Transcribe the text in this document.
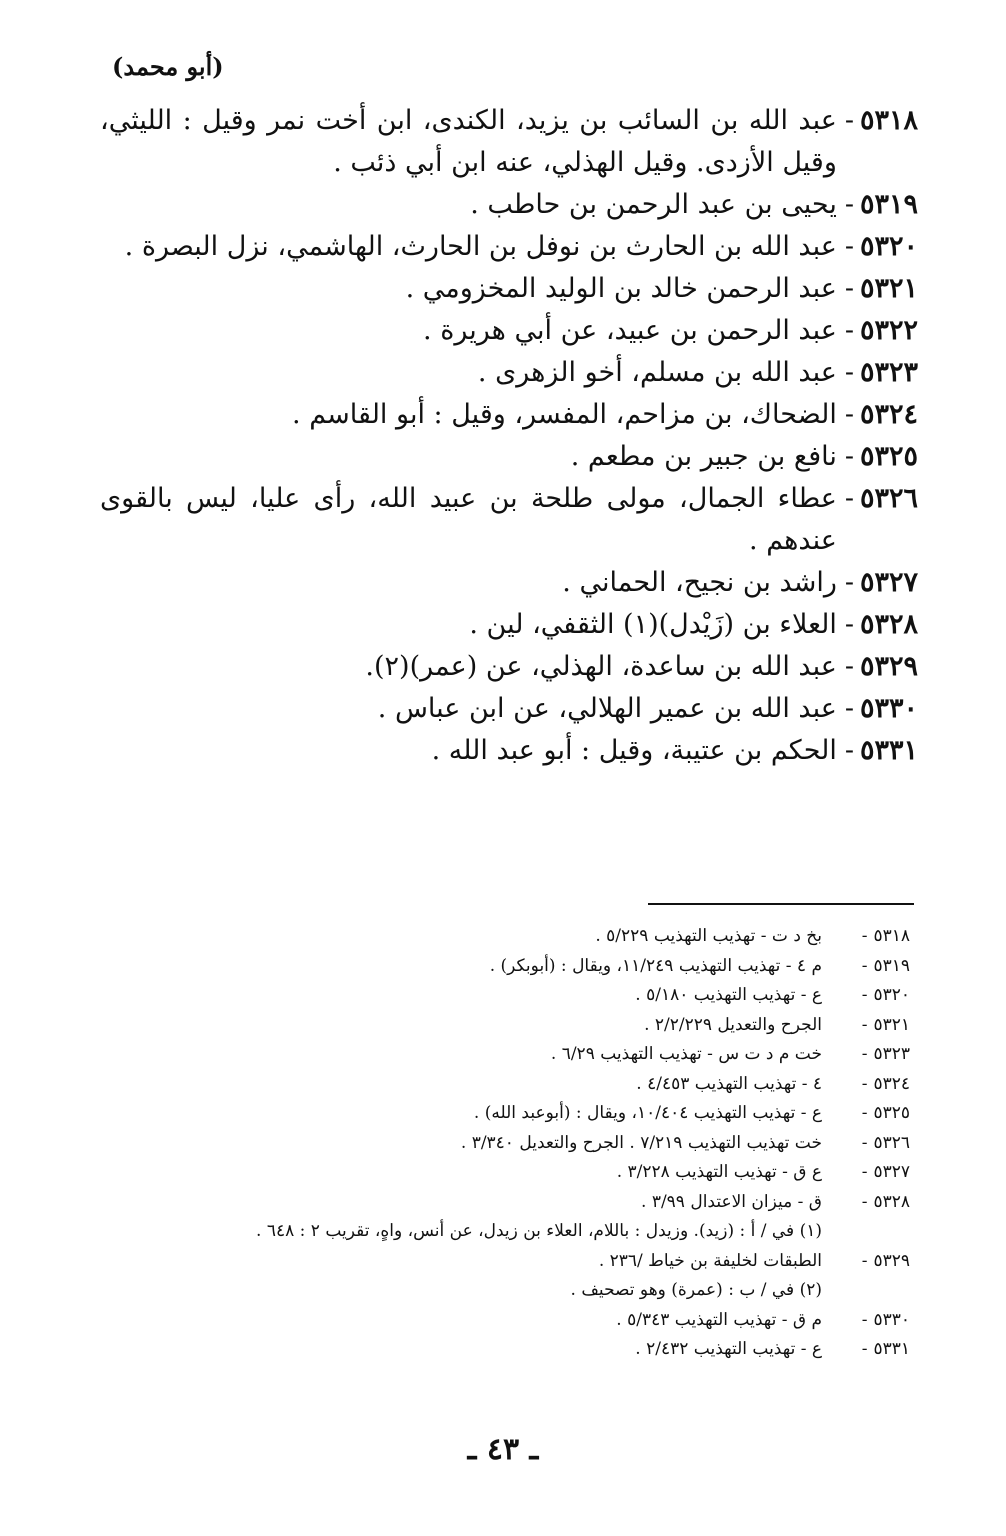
(أبو محمد)
٥٣١٨-
عبد الله بن السائب بن يزيد، الكندى، ابن أخت نمر وقيل : الليثي، وقيل الأزدى. وقيل الهذلي، عنه ابن أبي ذئب .
٥٣١٩-
يحيى بن عبد الرحمن بن حاطب .
٥٣٢٠-
عبد الله بن الحارث بن نوفل بن الحارث، الهاشمي، نزل البصرة .
٥٣٢١-
عبد الرحمن خالد بن الوليد المخزومي .
٥٣٢٢-
عبد الرحمن بن عبيد، عن أبي هريرة .
٥٣٢٣-
عبد الله بن مسلم، أخو الزهرى .
٥٣٢٤-
الضحاك، بن مزاحم، المفسر، وقيل : أبو القاسم .
٥٣٢٥-
نافع بن جبير بن مطعم .
٥٣٢٦-
عطاء الجمال، مولى طلحة بن عبيد الله، رأى عليا، ليس بالقوى عندهم .
٥٣٢٧-
راشد بن نجيح، الحماني .
٥٣٢٨-
العلاء بن (زَيْدل)(١) الثقفي، لين .
٥٣٢٩-
عبد الله بن ساعدة، الهذلي، عن (عمر)(٢).
٥٣٣٠-
عبد الله بن عمير الهلالي، عن ابن عباس .
٥٣٣١-
الحكم بن عتيبة، وقيل : أبو عبد الله .
٥٣١٨-
بخ د ت - تهذيب التهذيب ٥/٢٢٩ .
٥٣١٩-
م ٤ - تهذيب التهذيب ١١/٢٤٩، ويقال : (أبوبكر) .
٥٣٢٠-
ع - تهذيب التهذيب ٥/١٨٠ .
٥٣٢١-
الجرح والتعديل ٢/٢/٢٢٩ .
٥٣٢٣-
خت م د ت س - تهذيب التهذيب ٦/٢٩ .
٥٣٢٤-
٤ - تهذيب التهذيب ٤/٤٥٣ .
٥٣٢٥-
ع - تهذيب التهذيب ١٠/٤٠٤، ويقال : (أبوعبد الله) .
٥٣٢٦-
خت تهذيب التهذيب ٧/٢١٩ . الجرح والتعديل ٣/٣٤٠ .
٥٣٢٧-
ع ق - تهذيب التهذيب ٣/٢٢٨ .
٥٣٢٨-
ق - ميزان الاعتدال ٣/٩٩ .
(١) في / أ : (زيد). وزيدل : باللام، العلاء بن زيدل، عن أنس، واهٍ، تقريب ٢ : ٦٤٨ .
٥٣٢٩-
الطبقات لخليفة بن خياط /٢٣٦ .
(٢) في / ب : (عمرة) وهو تصحيف .
٥٣٣٠-
م ق - تهذيب التهذيب ٥/٣٤٣ .
٥٣٣١-
ع - تهذيب التهذيب ٢/٤٣٢ .
ـ ٤٣ ـ
